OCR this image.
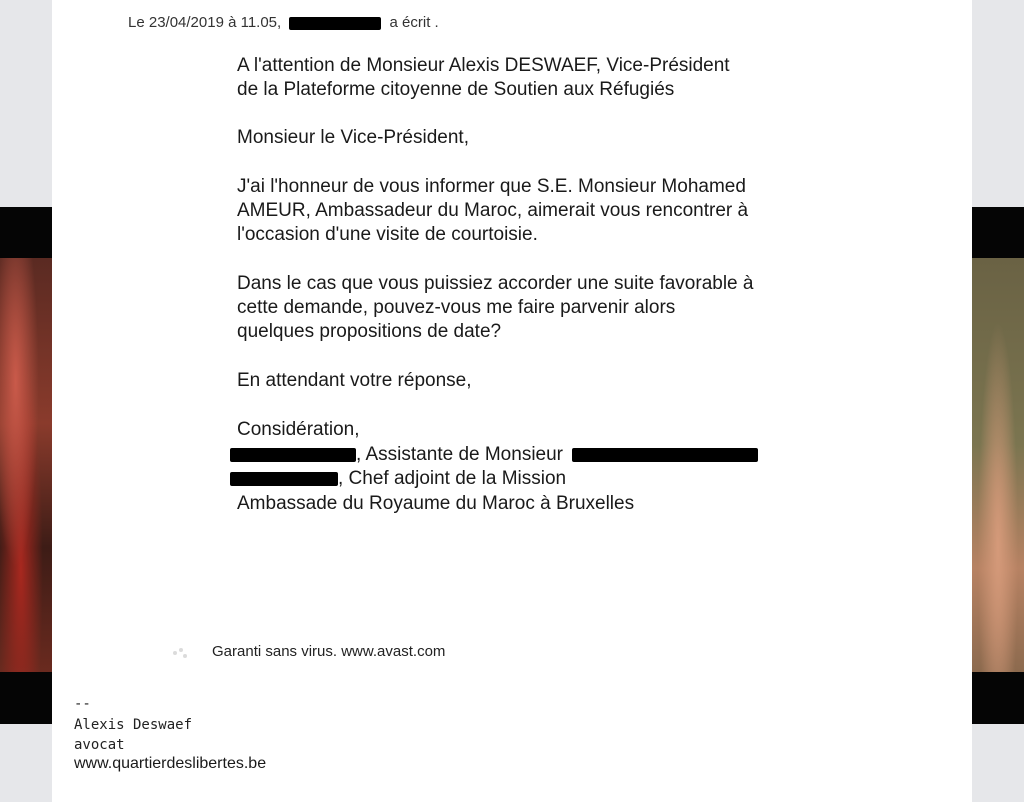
Le 23/04/2019 à 11.05,	a écrit .
A l'attention de Monsieur Alexis DESWAEF, Vice-Président
de la Plateforme citoyenne de Soutien aux Réfugiés
Monsieur le Vice-Président,
J'ai l'honneur de vous informer que S.E. Monsieur Mohamed
AMEUR, Ambassadeur du Maroc, aimerait vous rencontrer à
l'occasion d'une visite de courtoisie.
Dans le cas que vous puissiez accorder une suite favorable à
cette demande, pouvez-vous me faire parvenir alors
quelques propositions de date?
En attendant votre réponse,
Considération,
, Assistante de Monsieur
, Chef adjoint de la Mission
Ambassade du Royaume du Maroc à Bruxelles
Garanti sans virus. www.avast.com
--
Alexis Deswaef
avocat
www.quartierdeslibertes.be
